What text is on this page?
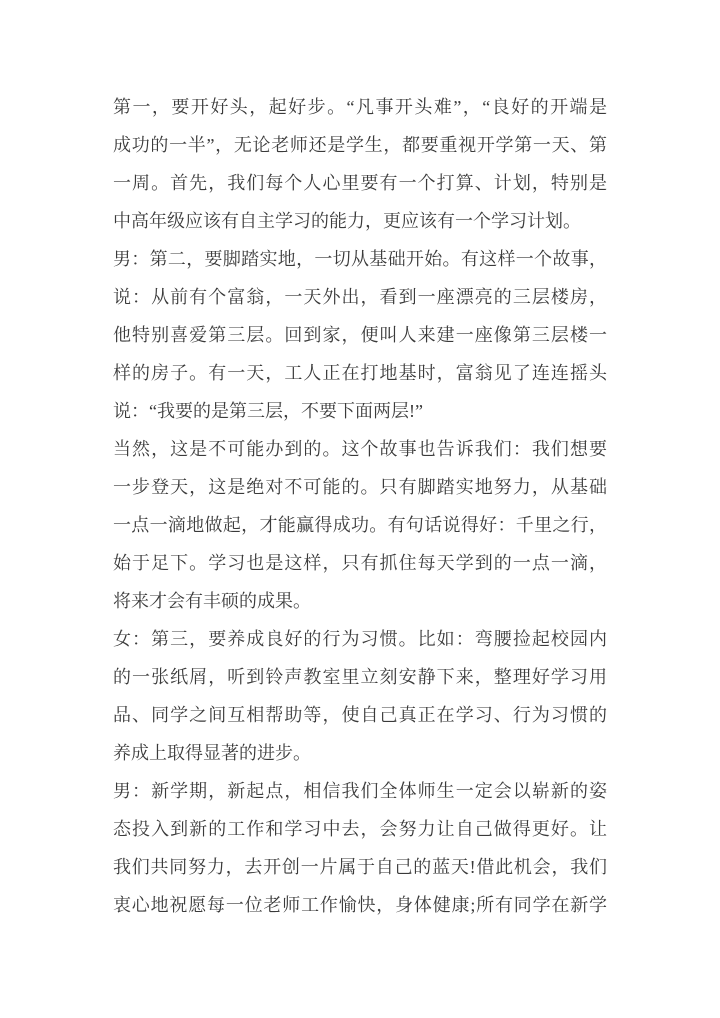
第一，要开好头，起好步。“凡事开头难”，“良好的开端是
成功的一半”，无论老师还是学生，都要重视开学第一天、第
一周。首先，我们每个人心里要有一个打算、计划，特别是
中高年级应该有自主学习的能力，更应该有一个学习计划。
男：第二，要脚踏实地，一切从基础开始。有这样一个故事，
说：从前有个富翁，一天外出，看到一座漂亮的三层楼房，
他特别喜爱第三层。回到家，便叫人来建一座像第三层楼一
样的房子。有一天，工人正在打地基时，富翁见了连连摇头
说：“我要的是第三层，不要下面两层!”
当然，这是不可能办到的。这个故事也告诉我们：我们想要
一步登天，这是绝对不可能的。只有脚踏实地努力，从基础
一点一滴地做起，才能赢得成功。有句话说得好：千里之行，
始于足下。学习也是这样，只有抓住每天学到的一点一滴，
将来才会有丰硕的成果。
女：第三，要养成良好的行为习惯。比如：弯腰捡起校园内
的一张纸屑，听到铃声教室里立刻安静下来，整理好学习用
品、同学之间互相帮助等，使自己真正在学习、行为习惯的
养成上取得显著的进步。
男：新学期，新起点，相信我们全体师生一定会以崭新的姿
态投入到新的工作和学习中去，会努力让自己做得更好。让
我们共同努力，去开创一片属于自己的蓝天!借此机会，我们
衷心地祝愿每一位老师工作愉快，身体健康;所有同学在新学
